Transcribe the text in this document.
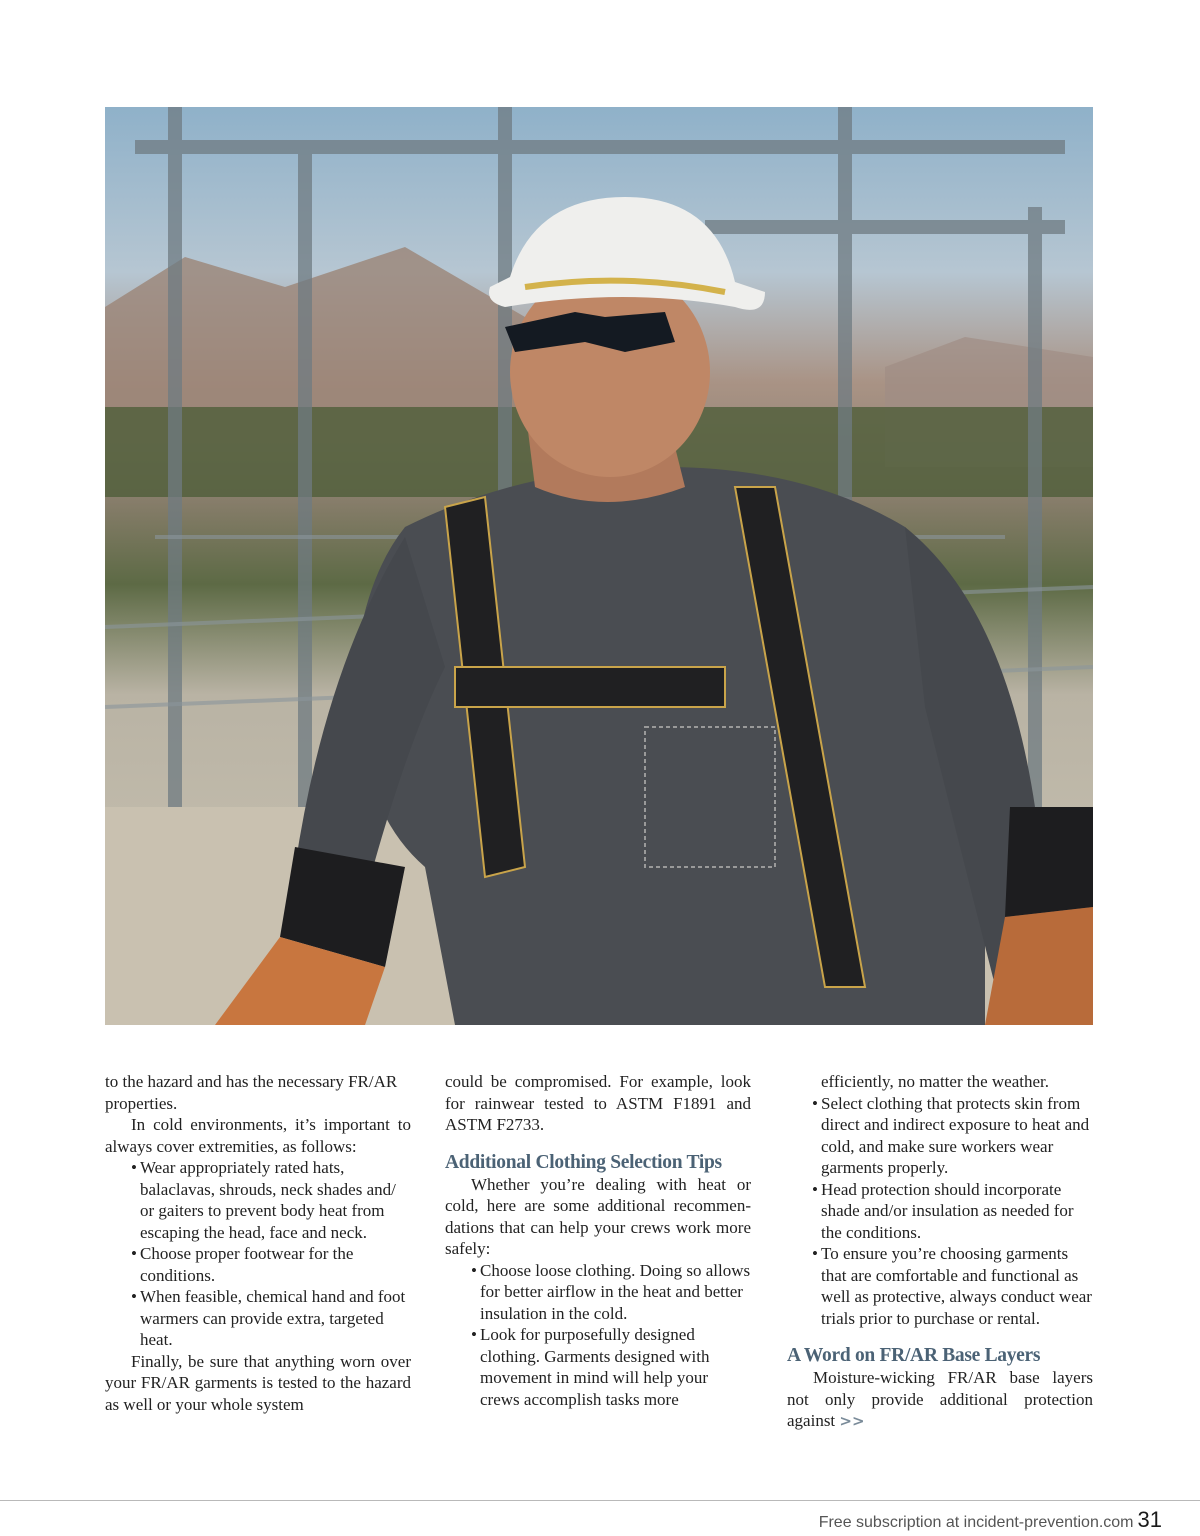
to the hazard and has the necessary FR/AR properties.

In cold environments, it’s important to always cover extremities, as follows:

• Wear appropriately rated hats, balaclavas, shrouds, neck shades and/ or gaiters to prevent body heat from escaping the head, face and neck.
• Choose proper footwear for the conditions.
• When feasible, chemical hand and foot warmers can provide extra, targeted heat.

Finally, be sure that anything worn over your FR/AR garments is tested to the hazard as well or your whole system

could be compromised. For example, look for rainwear tested to ASTM F1891 and ASTM F2733.

Additional Clothing Selection Tips

Whether you’re dealing with heat or cold, here are some additional recommendations that can help your crews work more safely:

• Choose loose clothing. Doing so allows for better airflow in the heat and better insulation in the cold.
• Look for purposefully designed clothing. Garments designed with movement in mind will help your crews accomplish tasks more

efficiently, no matter the weather.

• Select clothing that protects skin from direct and indirect exposure to heat and cold, and make sure workers wear garments properly.
• Head protection should incorporate shade and/or insulation as needed for the conditions.
• To ensure you’re choosing garments that are comfortable and functional as well as protective, always conduct wear trials prior to purchase or rental.
A Word on FR/AR Base Layers

Moisture-wicking FR/AR base layers not only provide additional protection against >>

Free subscription at incident-prevention.com 31
